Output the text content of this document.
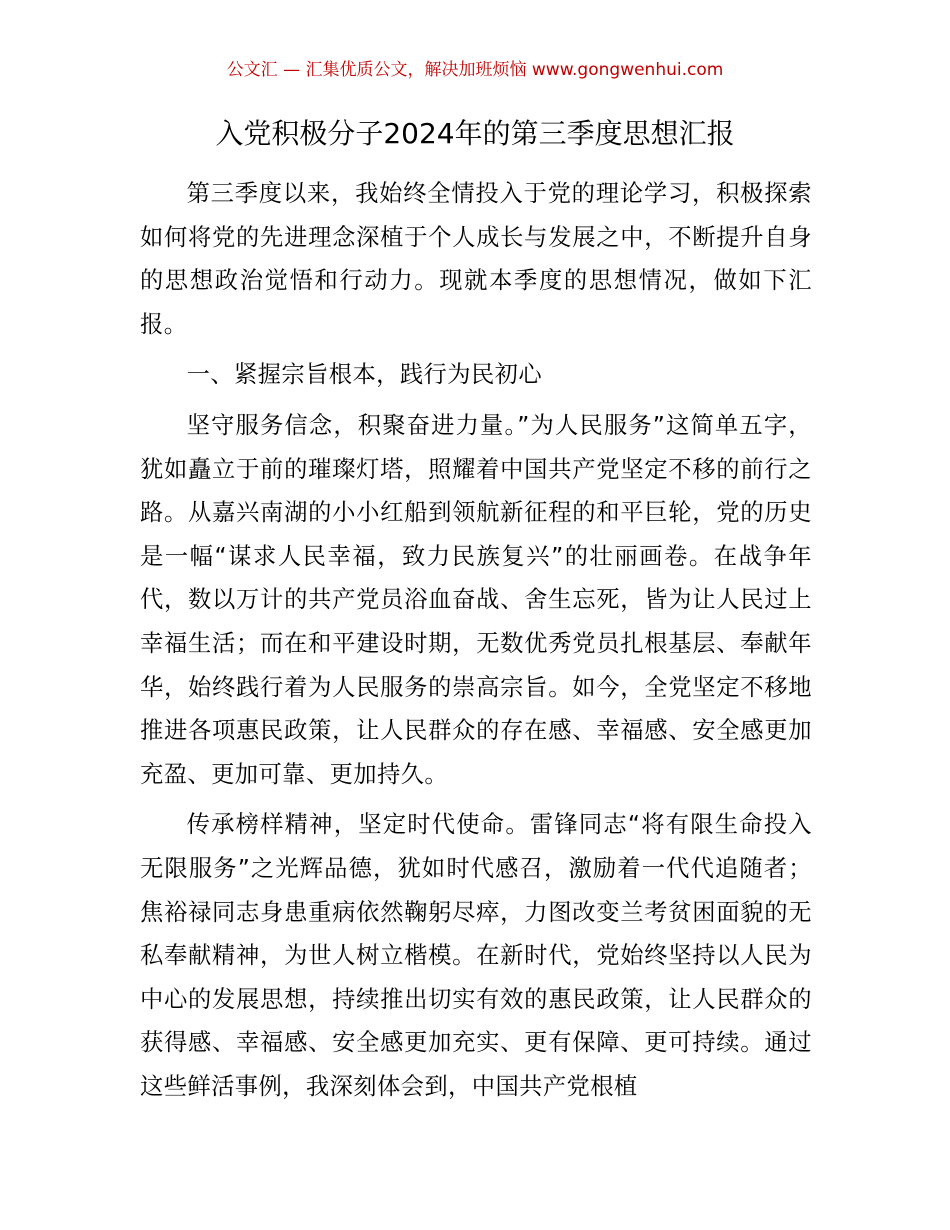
公文汇 — 汇集优质公文，解决加班烦恼 www.gongwenhui.com
入党积极分子2024年的第三季度思想汇报

第三季度以来，我始终全情投入于党的理论学习，积极探索如何将党的先进理念深植于个人成长与发展之中，不断提升自身的思想政治觉悟和行动力。现就本季度的思想情况，做如下汇报。

一、紧握宗旨根本，践行为民初心

坚守服务信念，积聚奋进力量。”为人民服务”这简单五字，犹如矗立于前的璀璨灯塔，照耀着中国共产党坚定不移的前行之路。从嘉兴南湖的小小红船到领航新征程的和平巨轮，党的历史是一幅“谋求人民幸福，致力民族复兴”的壮丽画卷。在战争年代，数以万计的共产党员浴血奋战、舍生忘死，皆为让人民过上幸福生活；而在和平建设时期，无数优秀党员扎根基层、奉献年华，始终践行着为人民服务的崇高宗旨。如今，全党坚定不移地推进各项惠民政策，让人民群众的存在感、幸福感、安全感更加充盈、更加可靠、更加持久。

传承榜样精神，坚定时代使命。雷锋同志“将有限生命投入无限服务”之光辉品德，犹如时代感召，激励着一代代追随者；焦裕禄同志身患重病依然鞠躬尽瘁，力图改变兰考贫困面貌的无私奉献精神，为世人树立楷模。在新时代，党始终坚持以人民为中心的发展思想，持续推出切实有效的惠民政策，让人民群众的获得感、幸福感、安全感更加充实、更有保障、更可持续。通过这些鲜活事例，我深刻体会到，中国共产党根植
